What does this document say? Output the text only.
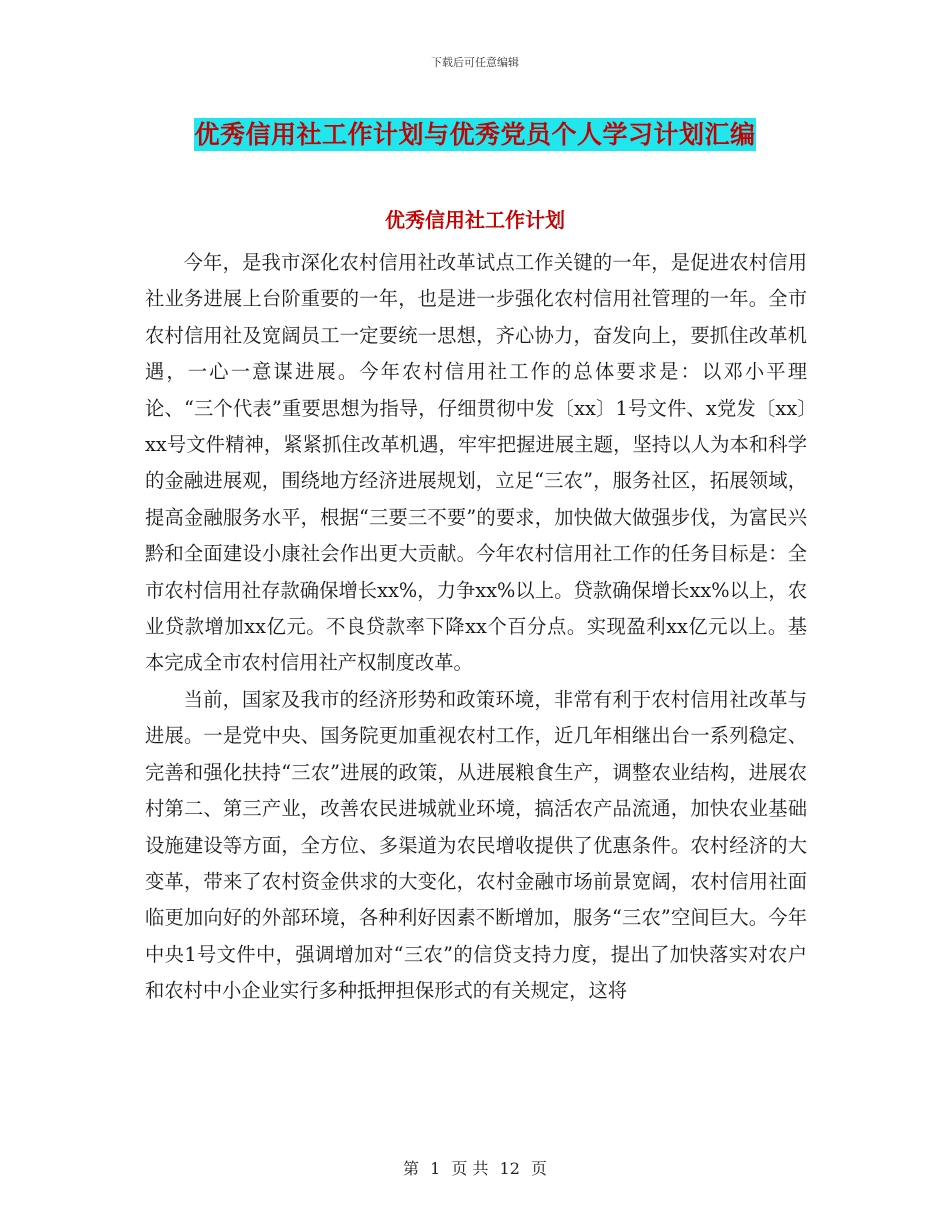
下载后可任意编辑
优秀信用社工作计划与优秀党员个人学习计划汇编
优秀信用社工作计划

今年，是我市深化农村信用社改革试点工作关键的一年，是促进农村信用社业务进展上台阶重要的一年，也是进一步强化农村信用社管理的一年。全市农村信用社及宽阔员工一定要统一思想，齐心协力，奋发向上，要抓住改革机遇，一心一意谋进展。今年农村信用社工作的总体要求是：以邓小平理论、“三个代表”重要思想为指导，仔细贯彻中发〔xx〕1号文件、x党发〔xx〕xx号文件精神，紧紧抓住改革机遇，牢牢把握进展主题，坚持以人为本和科学的金融进展观，围绕地方经济进展规划，立足“三农”，服务社区，拓展领域，提高金融服务水平，根据“三要三不要”的要求，加快做大做强步伐，为富民兴黔和全面建设小康社会作出更大贡献。今年农村信用社工作的任务目标是：全市农村信用社存款确保增长xx%，力争xx%以上。贷款确保增长xx%以上，农业贷款增加xx亿元。不良贷款率下降xx个百分点。实现盈利xx亿元以上。基本完成全市农村信用社产权制度改革。

当前，国家及我市的经济形势和政策环境，非常有利于农村信用社改革与进展。一是党中央、国务院更加重视农村工作，近几年相继出台一系列稳定、完善和强化扶持“三农”进展的政策，从进展粮食生产，调整农业结构，进展农村第二、第三产业，改善农民进城就业环境，搞活农产品流通，加快农业基础设施建设等方面，全方位、多渠道为农民增收提供了优惠条件。农村经济的大变革，带来了农村资金供求的大变化，农村金融市场前景宽阔，农村信用社面临更加向好的外部环境，各种利好因素不断增加，服务“三农”空间巨大。今年中央1号文件中，强调增加对“三农”的信贷支持力度，提出了加快落实对农户和农村中小企业实行多种抵押担保形式的有关规定，这将

第 1 页 共 12 页
